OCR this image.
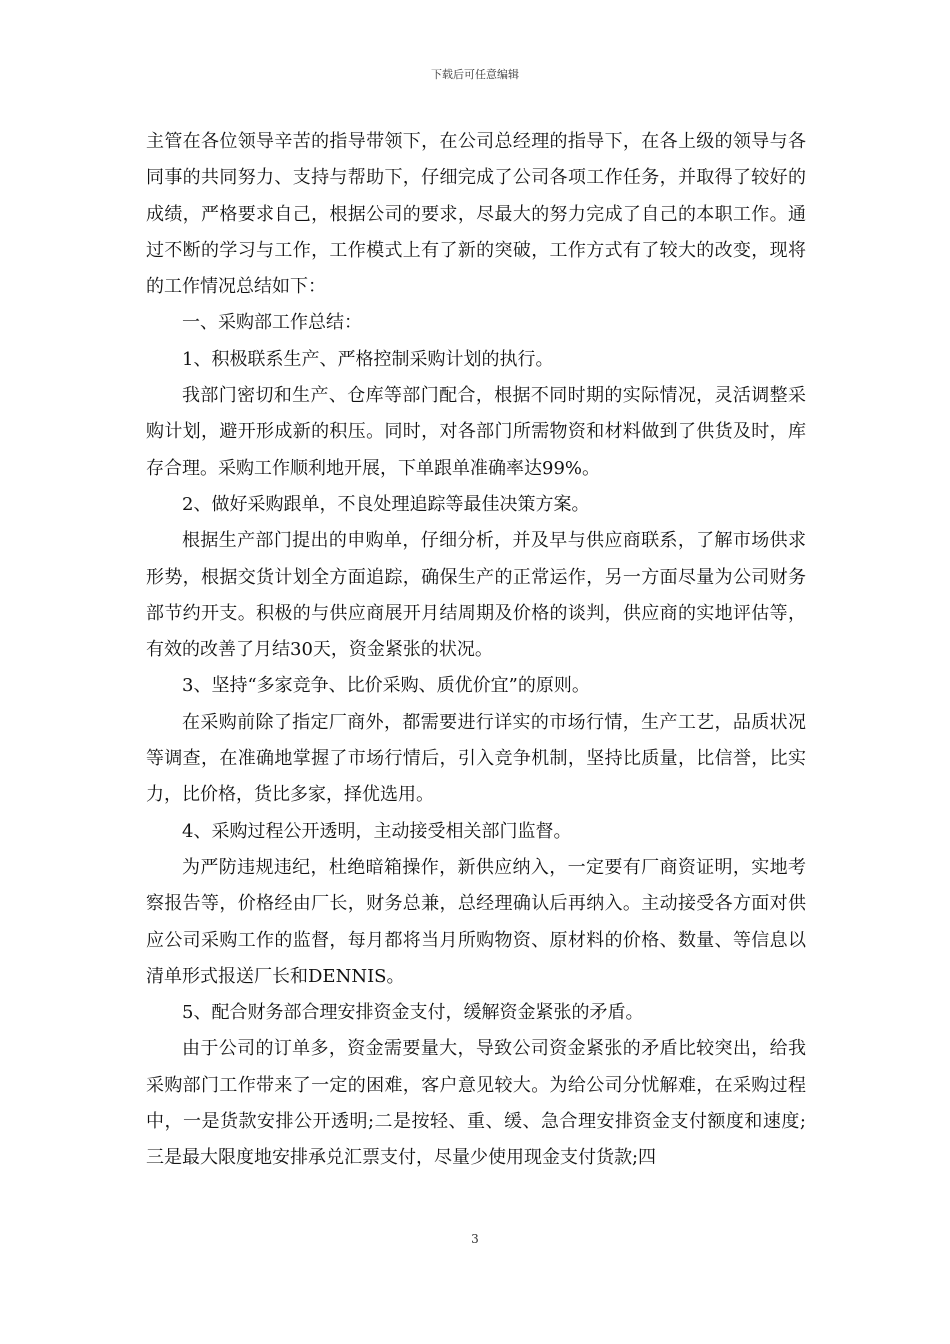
下载后可任意编辑

主管在各位领导辛苦的指导带领下，在公司总经理的指导下，在各上级的领导与各同事的共同努力、支持与帮助下，仔细完成了公司各项工作任务，并取得了较好的成绩，严格要求自己，根据公司的要求，尽最大的努力完成了自己的本职工作。通过不断的学习与工作，工作模式上有了新的突破，工作方式有了较大的改变，现将的工作情况总结如下：

一、采购部工作总结：

1、积极联系生产、严格控制采购计划的执行。

我部门密切和生产、仓库等部门配合，根据不同时期的实际情况，灵活调整采购计划，避开形成新的积压。同时，对各部门所需物资和材料做到了供货及时，库存合理。采购工作顺利地开展，下单跟单准确率达99%。

2、做好采购跟单，不良处理追踪等最佳决策方案。

根据生产部门提出的申购单，仔细分析，并及早与供应商联系，了解市场供求形势，根据交货计划全方面追踪，确保生产的正常运作，另一方面尽量为公司财务部节约开支。积极的与供应商展开月结周期及价格的谈判，供应商的实地评估等，有效的改善了月结30天，资金紧张的状况。

3、坚持“多家竞争、比价采购、质优价宜”的原则。

在采购前除了指定厂商外，都需要进行详实的市场行情，生产工艺，品质状况等调查，在准确地掌握了市场行情后，引入竞争机制，坚持比质量，比信誉，比实力，比价格，货比多家，择优选用。

4、采购过程公开透明，主动接受相关部门监督。

为严防违规违纪，杜绝暗箱操作，新供应纳入，一定要有厂商资证明，实地考察报告等，价格经由厂长，财务总兼，总经理确认后再纳入。主动接受各方面对供应公司采购工作的监督，每月都将当月所购物资、原材料的价格、数量、等信息以清单形式报送厂长和DENNIS。

5、配合财务部合理安排资金支付，缓解资金紧张的矛盾。

由于公司的订单多，资金需要量大，导致公司资金紧张的矛盾比较突出，给我采购部门工作带来了一定的困难，客户意见较大。为给公司分忧解难，在采购过程中，一是货款安排公开透明;二是按轻、重、缓、急合理安排资金支付额度和速度;三是最大限度地安排承兑汇票支付，尽量少使用现金支付货款;四

3
